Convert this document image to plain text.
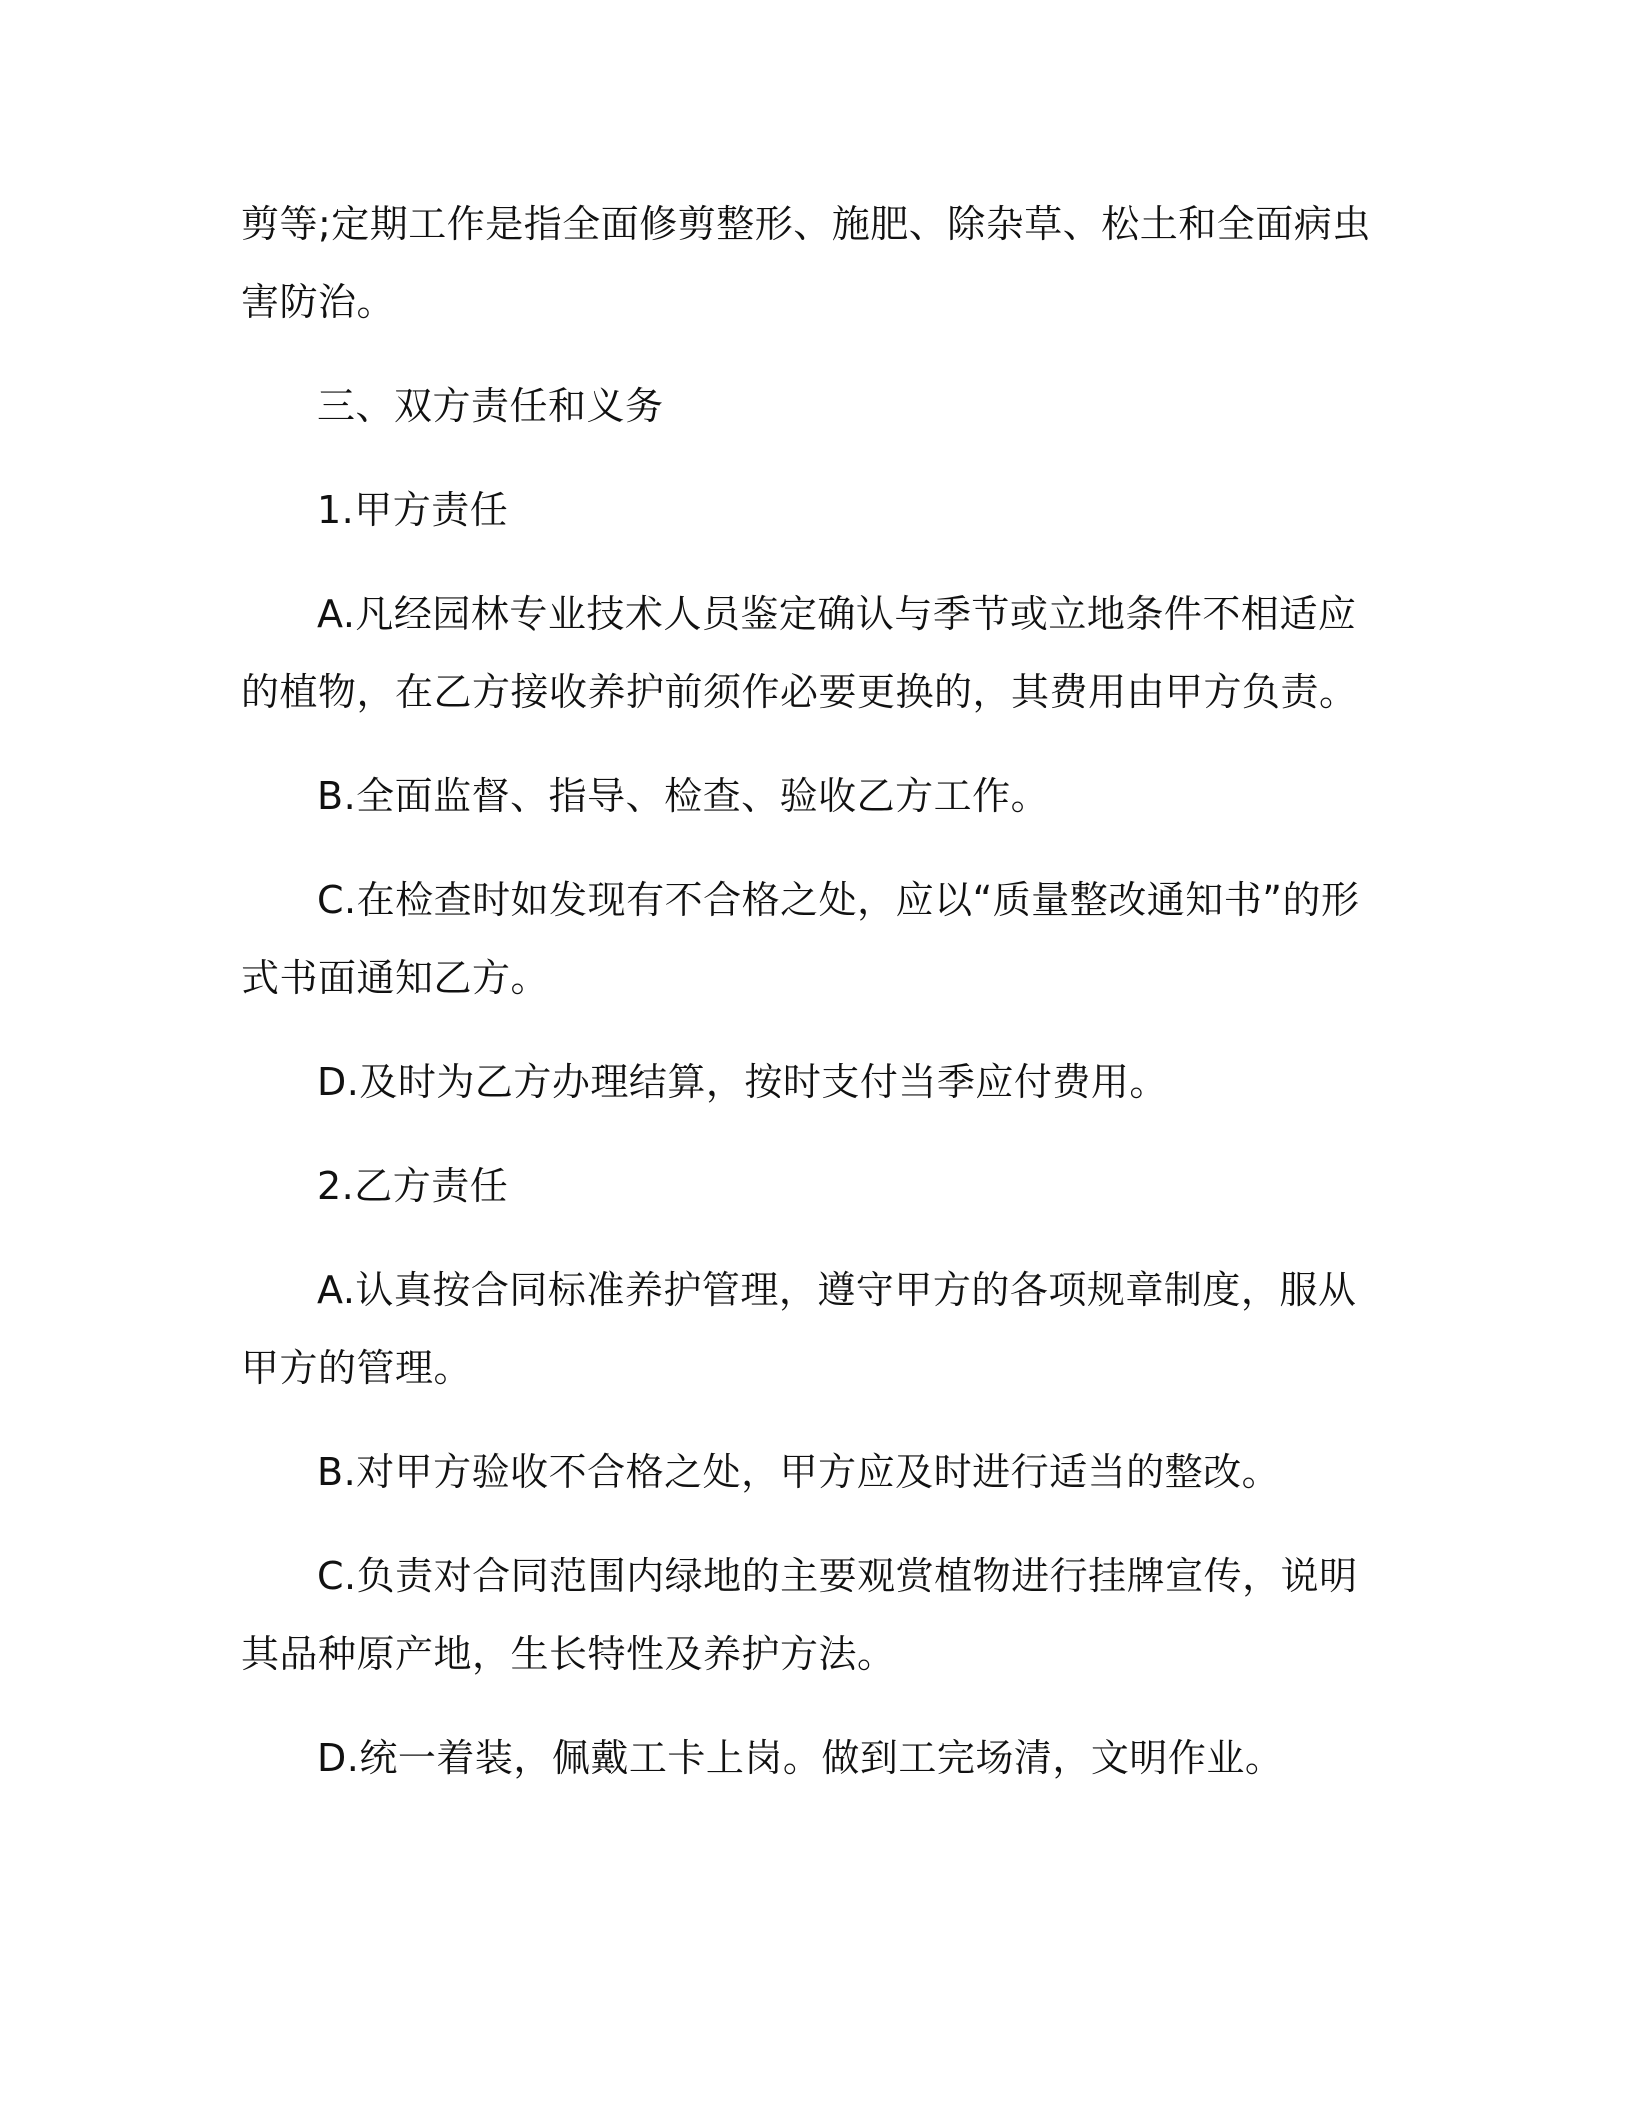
剪等;定期工作是指全面修剪整形、施肥、除杂草、松土和全面病虫害防治。

三、双方责任和义务

1.甲方责任

A.凡经园林专业技术人员鉴定确认与季节或立地条件不相适应的植物，在乙方接收养护前须作必要更换的，其费用由甲方负责。

B.全面监督、指导、检查、验收乙方工作。

C.在检查时如发现有不合格之处，应以“质量整改通知书”的形式书面通知乙方。

D.及时为乙方办理结算，按时支付当季应付费用。

2.乙方责任

A.认真按合同标准养护管理，遵守甲方的各项规章制度，服从甲方的管理。

B.对甲方验收不合格之处，甲方应及时进行适当的整改。

C.负责对合同范围内绿地的主要观赏植物进行挂牌宣传，说明其品种原产地，生长特性及养护方法。

D.统一着装，佩戴工卡上岗。做到工完场清，文明作业。
